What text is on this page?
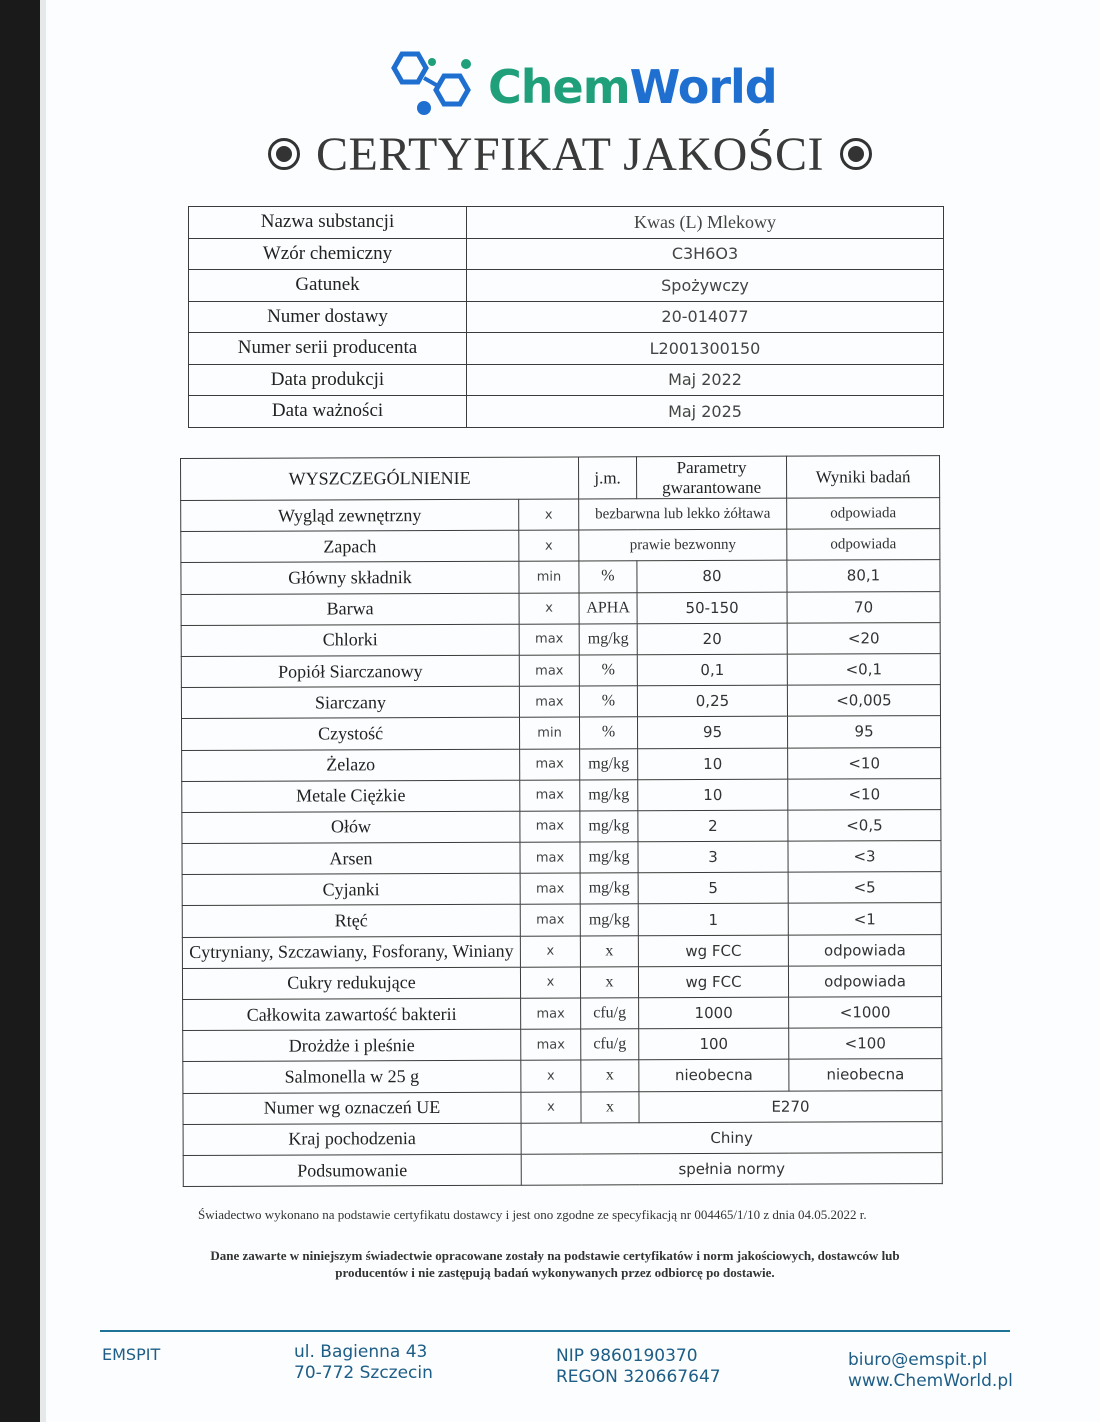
ChemWorld
CERTYFIKAT JAKOŚCI
Nazwa substancji	Kwas (L) Mlekowy
Wzór chemiczny	C3H6O3
Gatunek	Spożywczy
Numer dostawy	20-014077
Numer serii producenta	L2001300150
Data produkcji	Maj 2022
Data ważności	Maj 2025
WYSZCZEGÓLNIENIE		j.m.	Parametry gwarantowane	Wyniki badań
Wygląd zewnętrzny	x	bezbarwna lub lekko żółtawa		odpowiada
Zapach	x	prawie bezwonny		odpowiada
Główny składnik	min	%	80	80,1
Barwa	x	APHA	50-150	70
Chlorki	max	mg/kg	20	<20
Popiół Siarczanowy	max	%	0,1	<0,1
Siarczany	max	%	0,25	<0,005
Czystość	min	%	95	95
Żelazo	max	mg/kg	10	<10
Metale Ciężkie	max	mg/kg	10	<10
Ołów	max	mg/kg	2	<0,5
Arsen	max	mg/kg	3	<3
Cyjanki	max	mg/kg	5	<5
Rtęć	max	mg/kg	1	<1
Cytryniany, Szczawiany, Fosforany, Winiany	x	x	wg FCC	odpowiada
Cukry redukujące	x	x	wg FCC	odpowiada
Całkowita zawartość bakterii	max	cfu/g	1000	<1000
Drożdże i pleśnie	max	cfu/g	100	<100
Salmonella w 25 g	x	x	nieobecna	nieobecna
Numer wg oznaczeń UE	x	x	E270	
Kraj pochodzenia	Chiny			
Podsumowanie	spełnia normy			
Świadectwo wykonano na podstawie certyfikatu dostawcy i jest ono zgodne ze specyfikacją nr 004465/1/10 z dnia 04.05.2022 r.
Dane zawarte w niniejszym świadectwie opracowane zostały na podstawie certyfikatów i norm jakościowych, dostawców lub producentów i nie zastępują badań wykonywanych przez odbiorcę po dostawie.
EMSPIT	ul. Bagienna 43
70-772 Szczecin
NIP 9860190370
REGON 320667647
biuro@emspit.pl
www.ChemWorld.pl
